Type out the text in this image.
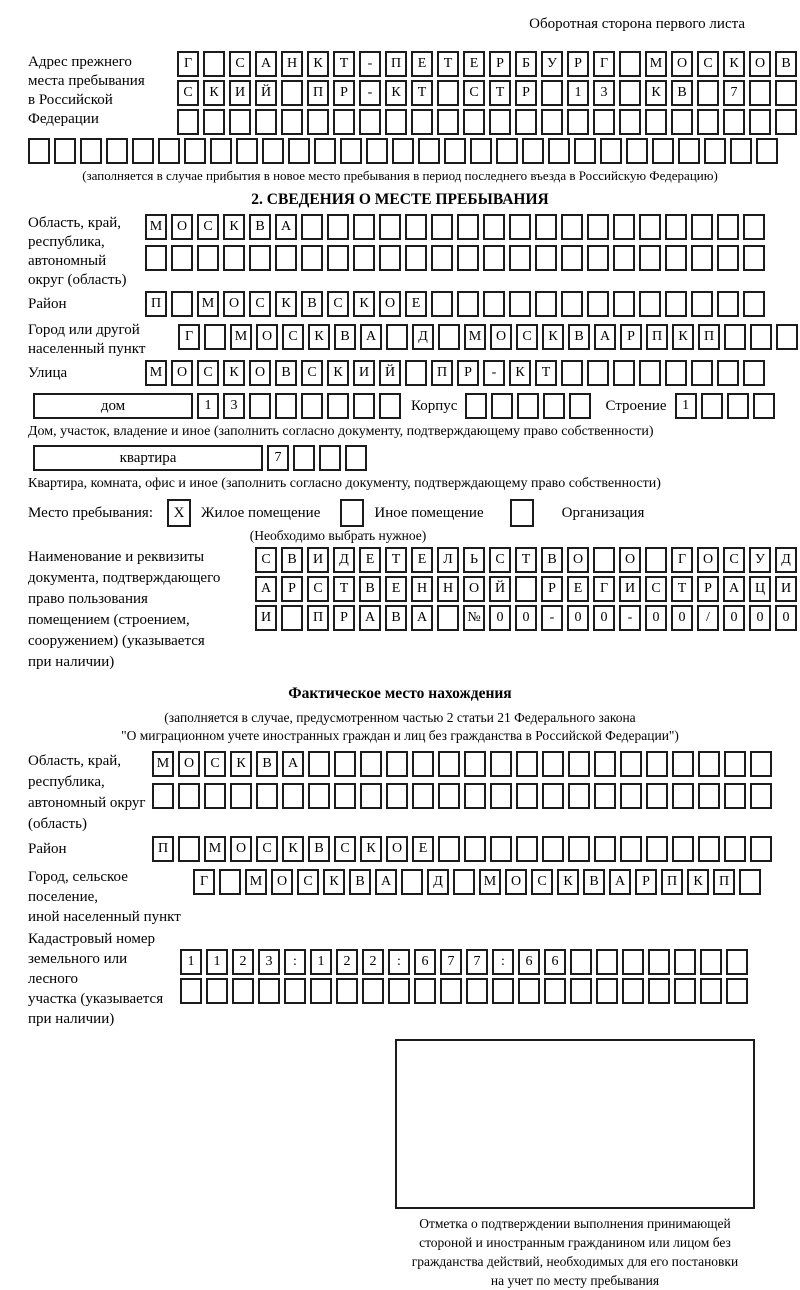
Оборотная сторона первого листа
Адрес прежнего
места пребывания
в Российской
Федерации
Г	С	А	Н	К	Т	-	П	Е	Т	Е	Р	Б	У	Р	Г	М	О	С	К	О	В
С	К	И	Й	П	Р	-	К	Т	С	Т	Р	1	3	К	В	7
(заполняется в случае прибытия в новое место пребывания в период последнего въезда в Российскую Федерацию)
2. СВЕДЕНИЯ О МЕСТЕ ПРЕБЫВАНИЯ
Область, край,
республика,
автономный
округ (область)
М	О	С	К	В	А
Район	П	М	О	С	К	В	С	К	О	Е
Город или другой
населенный пункт
Г	М	О	С	К	В	А	Д	М	О	С	К	В	А	Р	П	К	П
Улица	М	О	С	К	О	В	С	К	И	Й	П	Р	-	К	Т
дом	1	3	Корпус	Строение	1
Дом, участок, владение и иное (заполнить согласно документу, подтверждающему право собственности)
квартира	7
Квартира, комната, офис и иное (заполнить согласно документу, подтверждающему право собственности)
Место пребывания:	X	Жилое помещение	Иное помещение	Организация
(Необходимо выбрать нужное)
Наименование и реквизиты
документа, подтверждающего
право пользования
помещением (строением,
сооружением) (указывается
при наличии)
С	В	И	Д	Е	Т	Е	Л	Ь	С	Т	В	О	О	Г	О	С	У	Д
А	Р	С	Т	В	Е	Н	Н	О	Й	Р	Е	Г	И	С	Т	Р	А	Ц	И
И	П	Р	А	В	А	№	0	0	-	0	0	-	0	0	/	0	0	0
Фактическое место нахождения
(заполняется в случае, предусмотренном частью 2 статьи 21 Федерального закона
"О миграционном учете иностранных граждан и лиц без гражданства в Российской Федерации")
Область, край,
республика,
автономный округ
(область)
М	О	С	К	В	А
Район	П	М	О	С	К	В	С	К	О	Е
Город, сельское поселение,
иной населенный пункт
Г	М	О	С	К	В	А	Д	М	О	С	К	В	А	Р	П	К	П
Кадастровый номер
земельного или лесного
участка (указывается
при наличии)
1	1	2	3	:	1	2	2	:	6	7	7	:	6	6
Отметка о подтверждении выполнения принимающей
стороной и иностранным гражданином или лицом без
гражданства действий, необходимых для его постановки
на учет по месту пребывания
